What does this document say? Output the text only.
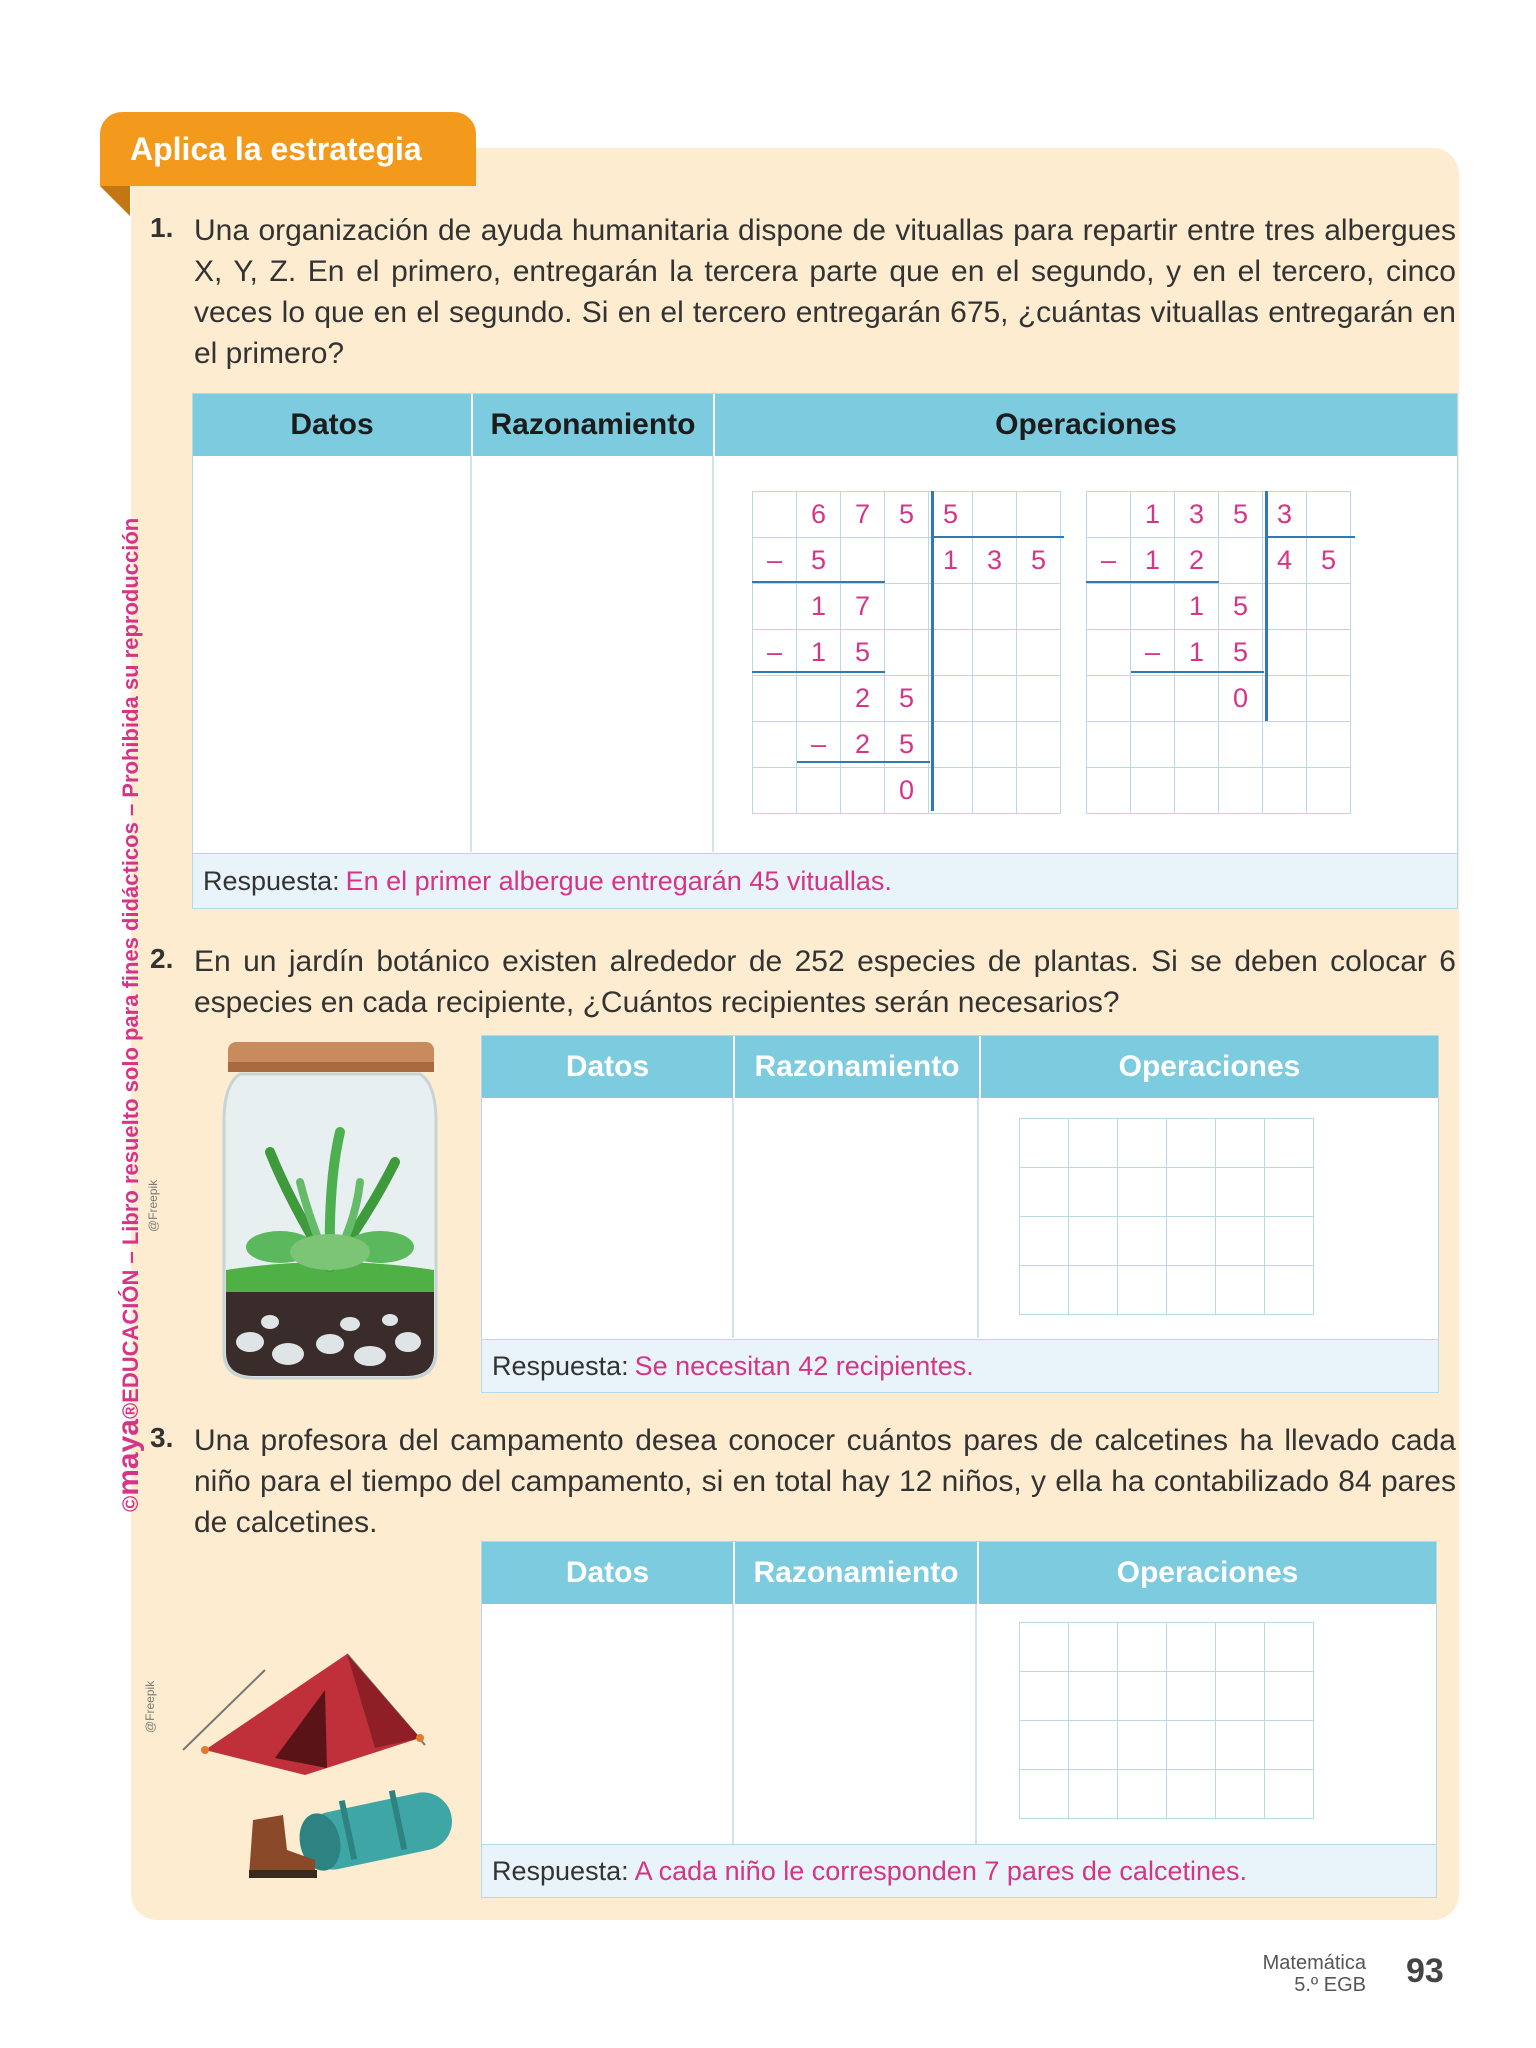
Aplica la estrategia
©maya®EDUCACIÓN – Libro resuelto solo para fines didácticos – Prohibida su reproducción
1. Una organización de ayuda humanitaria dispone de vituallas para repartir entre tres albergues X, Y, Z. En el primero, entregarán la tercera parte que en el segundo, y en el tercero, cinco veces lo que en el segundo. Si en el tercero entregarán 675, ¿cuántas vituallas entregarán en el primero?
Datos	Razonamiento	Operaciones
	6	7	5	5		
–	5			1	3	5
	1	7				
–	1	5				
		2	5			
	–	2	5			
			0			
	1	3	5	3	
–	1	2		4	5
		1	5		
	–	1	5		
			0		

Respuesta: En el primer albergue entregarán 45 vituallas.
2. En un jardín botánico existen alrededor de 252 especies de plantas. Si se deben colocar 6 especies en cada recipiente, ¿Cuántos recipientes serán necesarios?
@Freepik
Datos	Razonamiento	Operaciones

Respuesta: Se necesitan 42 recipientes.
3. Una profesora del campamento desea conocer cuántos pares de calcetines ha llevado cada niño para el tiempo del campamento, si en total hay 12 niños, y ella ha contabilizado 84 pares de calcetines.
@Freepik
Datos	Razonamiento	Operaciones

Respuesta: A cada niño le corresponden 7 pares de calcetines.
Matemática
5.º EGB 93
